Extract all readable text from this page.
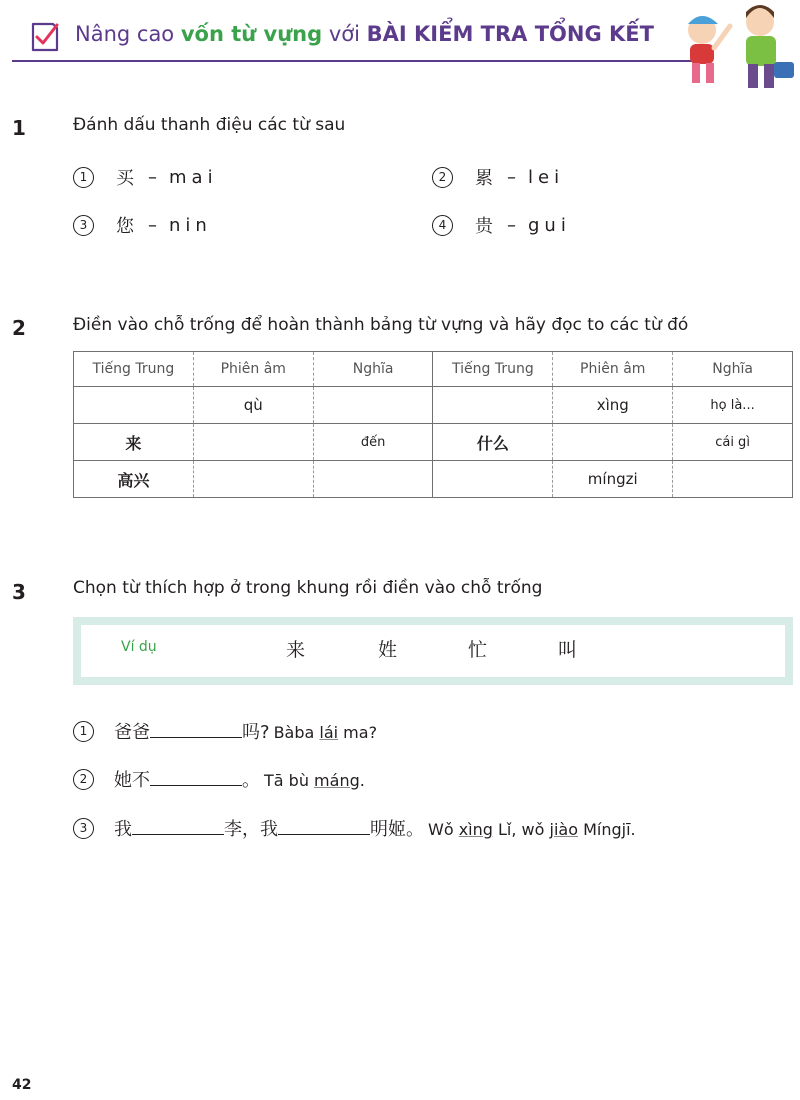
Nâng cao vốn từ vựng với BÀI KIỂM TRA TỔNG KẾT
1	Đánh dấu thanh điệu các từ sau
1	买 – mai	2	累 – lei
3	您 – nin	4	贵 – gui
2	Điền vào chỗ trống để hoàn thành bảng từ vựng và hãy đọc to các từ đó
Tiếng Trung	Phiên âm	Nghĩa	Tiếng Trung	Phiên âm	Nghĩa
	qù			xìng	họ là...
来		đến	什么		cái gì
高兴				míngzi	
3	Chọn từ thích hợp ở trong khung rồi điền vào chỗ trống
Ví dụ	来	姓	忙	叫
1	爸爸	吗? Bàba lái ma?
2	她不	。 Tā bù máng.
3	我	李，我	明姬。 Wǒ xìng Lǐ, wǒ jiào Míngjī.
42
